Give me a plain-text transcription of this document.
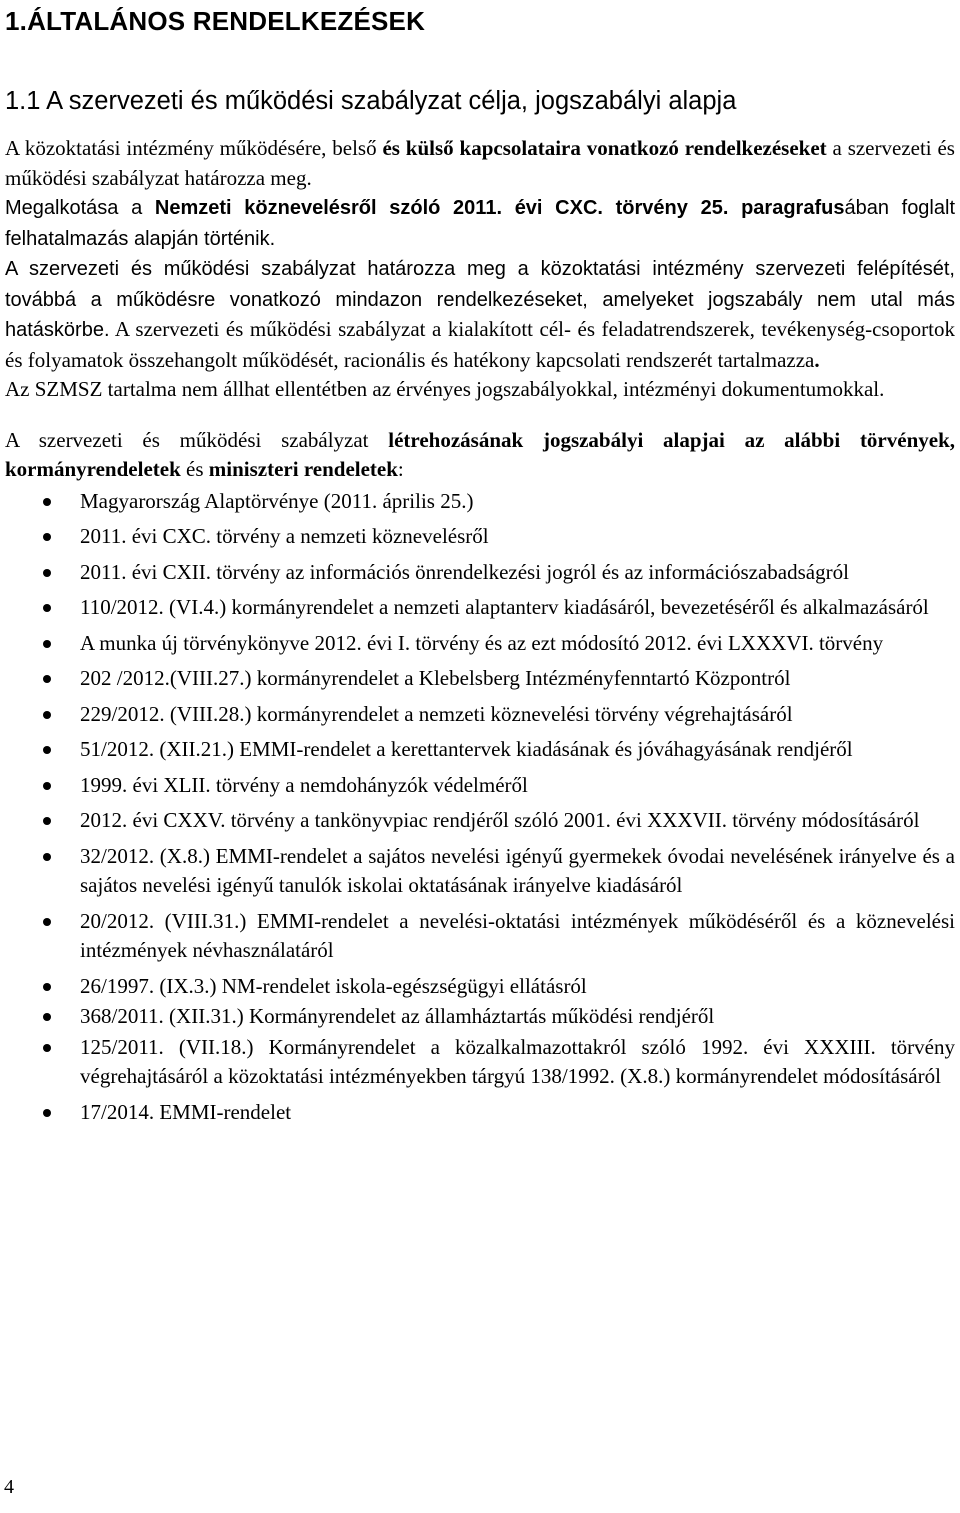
1.ÁLTALÁNOS RENDELKEZÉSEK
1.1 A szervezeti és működési szabályzat célja, jogszabályi alapja

A közoktatási intézmény működésére, belső és külső kapcsolataira vonatkozó rendelkezéseket a szervezeti és működési szabályzat határozza meg.

Megalkotása a Nemzeti köznevelésről szóló 2011. évi CXC. törvény 25. paragrafusában foglalt felhatalmazás alapján történik.

A szervezeti és működési szabályzat határozza meg a közoktatási intézmény szervezeti felépítését, továbbá a működésre vonatkozó mindazon rendelkezéseket, amelyeket jogszabály nem utal más hatáskörbe. A szervezeti és működési szabályzat a kialakított cél- és feladatrendszerek, tevékenység-csoportok és folyamatok összehangolt működését, racionális és hatékony kapcsolati rendszerét tartalmazza.

Az SZMSZ tartalma nem állhat ellentétben az érvényes jogszabályokkal, intézményi dokumentumokkal.

A szervezeti és működési szabályzat létrehozásának jogszabályi alapjai az alábbi törvények, kormányrendeletek és miniszteri rendeletek:

Magyarország Alaptörvénye (2011. április 25.)
2011. évi CXC. törvény a nemzeti köznevelésről
2011. évi CXII. törvény az információs önrendelkezési jogról és az információszabadságról
110/2012. (VI.4.) kormányrendelet a nemzeti alaptanterv kiadásáról, bevezetéséről és alkalmazásáról
A munka új törvénykönyve 2012. évi I. törvény és az ezt módosító 2012. évi LXXXVI. törvény
202 /2012.(VIII.27.) kormányrendelet a Klebelsberg Intézményfenntartó Központról
229/2012. (VIII.28.) kormányrendelet a nemzeti köznevelési törvény végrehajtásáról
51/2012. (XII.21.) EMMI-rendelet a kerettantervek kiadásának és jóváhagyásának rendjéről
1999. évi XLII. törvény a nemdohányzók védelméről
2012. évi CXXV. törvény a tankönyvpiac rendjéről szóló 2001. évi XXXVII. törvény módosításáról
32/2012. (X.8.) EMMI-rendelet a sajátos nevelési igényű gyermekek óvodai nevelésének irányelve és a sajátos nevelési igényű tanulók iskolai oktatásának irányelve kiadásáról
20/2012. (VIII.31.) EMMI-rendelet a nevelési-oktatási intézmények működéséről és a köznevelési intézmények névhasználatáról
26/1997. (IX.3.) NM-rendelet iskola-egészségügyi ellátásról
368/2011. (XII.31.) Kormányrendelet az államháztartás működési rendjéről
125/2011. (VII.18.) Kormányrendelet a közalkalmazottakról szóló 1992. évi XXXIII. törvény végrehajtásáról a közoktatási intézményekben tárgyú 138/1992. (X.8.) kormányrendelet módosításáról
17/2014. EMMI-rendelet
4
